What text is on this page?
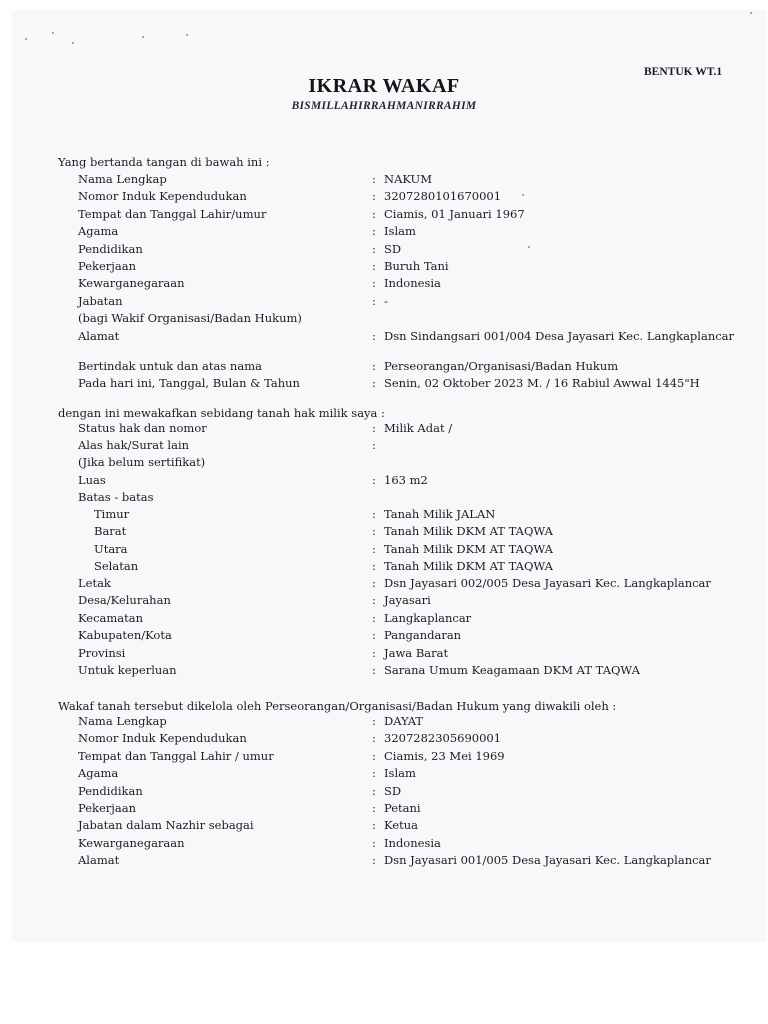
BENTUK WT.1
IKRAR WAKAF
BISMILLAHIRRAHMANIRRAHIM
Yang bertanda tangan di bawah ini :
Nama Lengkap	: NAKUM
Nomor Induk Kependudukan	: 3207280101670001
Tempat dan Tanggal Lahir/umur	: Ciamis, 01 Januari 1967
Agama	: Islam
Pendidikan	: SD
Pekerjaan	: Buruh Tani
Kewarganegaraan	: Indonesia
Jabatan	: -
(bagi Wakif Organisasi/Badan Hukum)
Alamat	: Dsn Sindangsari 001/004 Desa Jayasari Kec. Langkaplancar
Bertindak untuk dan atas nama	: Perseorangan/Organisasi/Badan Hukum
Pada hari ini, Tanggal, Bulan & Tahun	: Senin, 02 Oktober 2023 M. / 16 Rabiul Awwal 1445"H
dengan ini mewakafkan sebidang tanah hak milik saya :
Status hak dan nomor	: Milik Adat /
Alas hak/Surat lain	:
(Jika belum sertifikat)
Luas	: 163 m2
Batas - batas
Timur	: Tanah Milik JALAN
Barat	: Tanah Milik DKM AT TAQWA
Utara	: Tanah Milik DKM AT TAQWA
Selatan	: Tanah Milik DKM AT TAQWA
Letak	: Dsn Jayasari 002/005 Desa Jayasari Kec. Langkaplancar
Desa/Kelurahan	: Jayasari
Kecamatan	: Langkaplancar
Kabupaten/Kota	: Pangandaran
Provinsi	: Jawa Barat
Untuk keperluan	: Sarana Umum Keagamaan DKM AT TAQWA
Wakaf tanah tersebut dikelola oleh Perseorangan/Organisasi/Badan Hukum yang diwakili oleh :
Nama Lengkap	: DAYAT
Nomor Induk Kependudukan	: 3207282305690001
Tempat dan Tanggal Lahir / umur	: Ciamis, 23 Mei 1969
Agama	: Islam
Pendidikan	: SD
Pekerjaan	: Petani
Jabatan dalam Nazhir sebagai	: Ketua
Kewarganegaraan	: Indonesia
Alamat	: Dsn Jayasari 001/005 Desa Jayasari Kec. Langkaplancar
